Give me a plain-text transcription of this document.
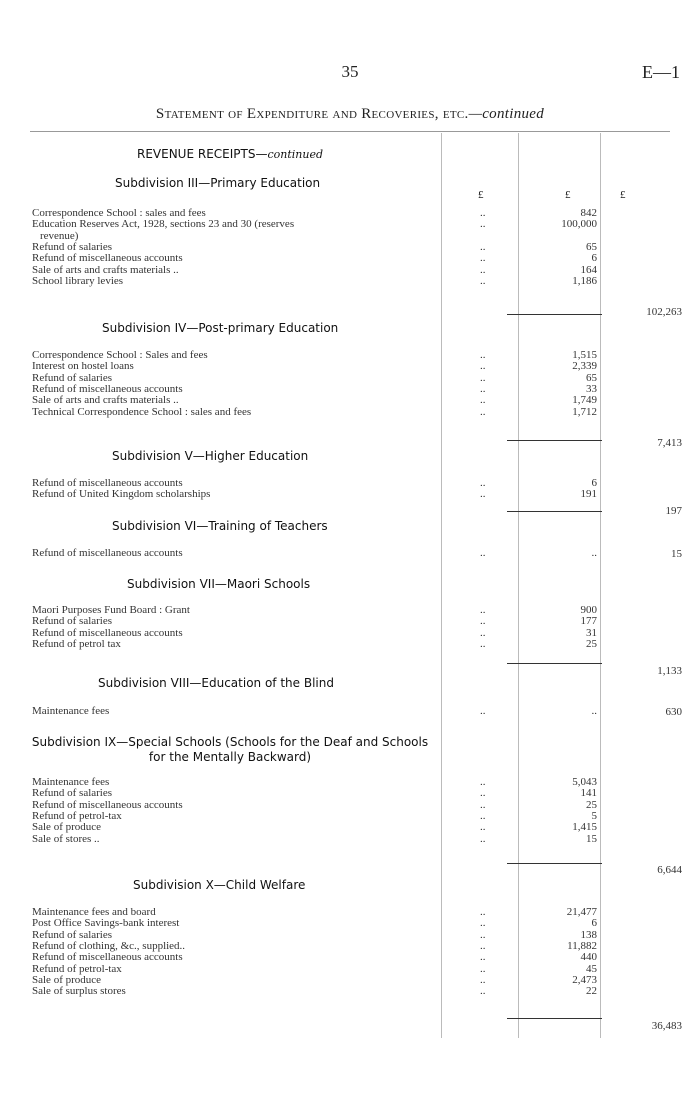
35	E—1
Statement of Expenditure and Recoveries, etc.—continued
£	£	£
REVENUE RECEIPTS—continued
Subdivision III—Primary Education
Correspondence School : sales and fees	..	842
Education Reserves Act, 1928, sections 23 and 30 (reserves	..	100,000
revenue)
Refund of salaries	..	65
Refund of miscellaneous accounts	..	6
Sale of arts and crafts materials ..	..	164
School library levies	..	1,186
102,263
Subdivision IV—Post-primary Education
Correspondence School : Sales and fees	..	1,515
Interest on hostel loans	..	2,339
Refund of salaries	..	65
Refund of miscellaneous accounts	..	33
Sale of arts and crafts materials ..	..	1,749
Technical Correspondence School : sales and fees	..	1,712
7,413
Subdivision V—Higher Education
Refund of miscellaneous accounts	..	6
Refund of United Kingdom scholarships	..	191
197
Subdivision VI—Training of Teachers
Refund of miscellaneous accounts	..	..	15
Subdivision VII—Maori Schools
Maori Purposes Fund Board : Grant	..	900
Refund of salaries	..	177
Refund of miscellaneous accounts	..	31
Refund of petrol tax	..	25
1,133
Subdivision VIII—Education of the Blind
Maintenance fees	..	..	630
Subdivision IX—Special Schools (Schools for the Deaf and Schools for the Mentally Backward)
Maintenance fees	..	5,043
Refund of salaries	..	141
Refund of miscellaneous accounts	..	25
Refund of petrol-tax	..	5
Sale of produce	..	1,415
Sale of stores ..	..	15
6,644
Subdivision X—Child Welfare
Maintenance fees and board	..	21,477
Post Office Savings-bank interest	..	6
Refund of salaries	..	138
Refund of clothing, &c., supplied..	..	11,882
Refund of miscellaneous accounts	..	440
Refund of petrol-tax	..	45
Sale of produce	..	2,473
Sale of surplus stores	..	22
36,483
